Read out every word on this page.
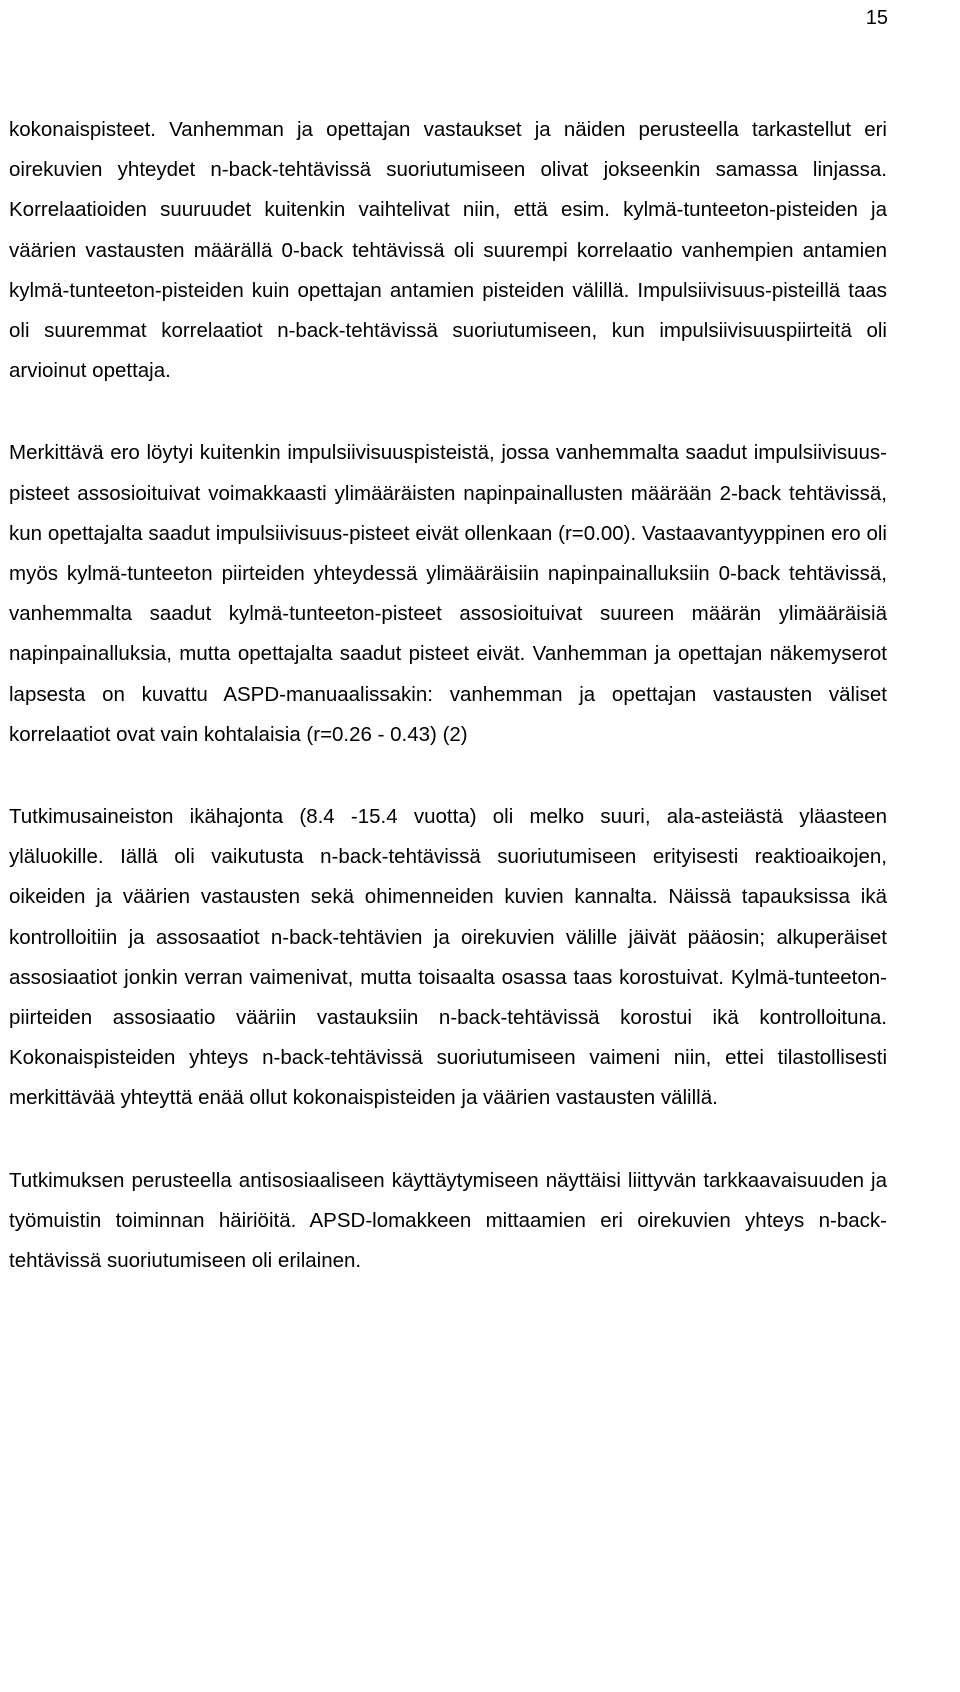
15

kokonaispisteet. Vanhemman ja opettajan vastaukset ja näiden perusteella tarkastellut eri oirekuvien yhteydet n-back-tehtävissä suoriutumiseen olivat jokseenkin samassa linjassa. Korrelaatioiden suuruudet kuitenkin vaihtelivat niin, että esim. kylmä-tunteeton-pisteiden ja väärien vastausten määrällä 0-back tehtävissä oli suurempi korrelaatio vanhempien antamien kylmä-tunteeton-pisteiden kuin opettajan antamien pisteiden välillä. Impulsiivisuus-pisteillä taas oli suuremmat korrelaatiot n-back-tehtävissä suoriutumiseen, kun impulsiivisuuspiirteitä oli arvioinut opettaja.

Merkittävä ero löytyi kuitenkin impulsiivisuuspisteistä, jossa vanhemmalta saadut impulsiivisuus-pisteet assosioituivat voimakkaasti ylimääräisten napinpainallusten määrään 2-back tehtävissä, kun opettajalta saadut impulsiivisuus-pisteet eivät ollenkaan (r=0.00). Vastaavantyyppinen ero oli myös kylmä-tunteeton piirteiden yhteydessä ylimääräisiin napinpainalluksiin 0-back tehtävissä, vanhemmalta saadut kylmä-tunteeton-pisteet assosioituivat suureen määrän ylimääräisiä napinpainalluksia, mutta opettajalta saadut pisteet eivät. Vanhemman ja opettajan näkemyserot lapsesta on kuvattu ASPD-manuaalissakin: vanhemman ja opettajan vastausten väliset korrelaatiot ovat vain kohtalaisia (r=0.26 - 0.43) (2)

Tutkimusaineiston ikähajonta (8.4 -15.4 vuotta) oli melko suuri, ala-asteiästä yläasteen yläluokille. Iällä oli vaikutusta n-back-tehtävissä suoriutumiseen erityisesti reaktioaikojen, oikeiden ja väärien vastausten sekä ohimenneiden kuvien kannalta. Näissä tapauksissa ikä kontrolloitiin ja assosaatiot n-back-tehtävien ja oirekuvien välille jäivät pääosin; alkuperäiset assosiaatiot jonkin verran vaimenivat, mutta toisaalta osassa taas korostuivat. Kylmä-tunteeton-piirteiden assosiaatio vääriin vastauksiin n-back-tehtävissä korostui ikä kontrolloituna. Kokonaispisteiden yhteys n-back-tehtävissä suoriutumiseen vaimeni niin, ettei tilastollisesti merkittävää yhteyttä enää ollut kokonaispisteiden ja väärien vastausten välillä.

Tutkimuksen perusteella antisosiaaliseen käyttäytymiseen näyttäisi liittyvän tarkkaavaisuuden ja työmuistin toiminnan häiriöitä. APSD-lomakkeen mittaamien eri oirekuvien yhteys n-back-tehtävissä suoriutumiseen oli erilainen.
